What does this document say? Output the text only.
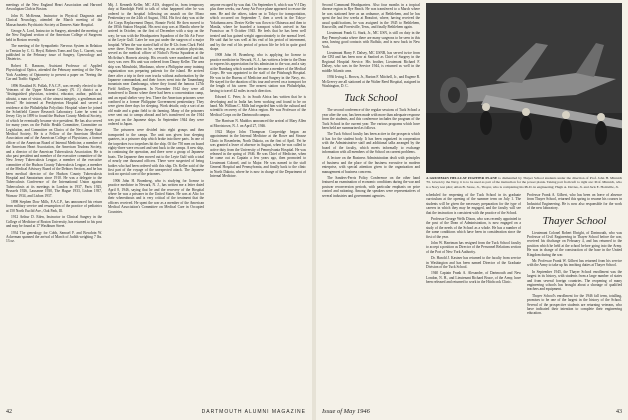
meetings of the New England Heart Association and Harvard Aesculapian Club in Boston.

John B. McKenna, Instructor in Physical Diagnosis and Clinical Neurology, attended the March meeting of the Massachusetts Psychiatric Society at Danvers State Hospital.

George A. Lord, Instructor in Surgery, attended the meeting of the New England section of the American College of Surgeons held in Boston recently.

The meeting of the Sympathetic Nervous System in Relation to Tension by C. G. Heyd, Roberts Toms and Guy L. Garrett, was published in the February issue of Surgery, Gynecology and Obstetrics.

Robert E. Ransom, Assistant Professor of Applied Physiological Optics, attended the February meeting of the New York Academy of Optometry to present a paper on "Seeing the Car and Traffic Signals".

1896 Rosalind B. Pollak, F.A.C.P., was recently elected to the Veterans of the Upper Monroe County (N. J.) district as a "distinguished physician, scientist, educator, author, publicist, altruist, a man of vision, of the utmost integrity, a gentleman and friend." He interned at Presbyterian Hospital and served a residence at the Philadelphia Polyclinic Hospital where he joined the Scheifield Cancer Research Laboratory. Later he went to Jersey City in 1899 to found the Hudson County Medical Society, of which he eventually became vice president. He has also served for many years on the Public Health Committee, Committee on Legislation, and Committee on Clinics of the New Jersey State Medical Society. He is a Fellow of the American Medical Association and of the American College of Physicians, a former officer of the American Board of Internal Medicine, a member of the American Heart Association, the American Trudeau Society, and a director of the American Tuberculosis Association. He is also past president and member of the executive committee of the New Jersey Tuberculosis League, a member of the executive committee of the Hudson County Tuberculosis League, a member of the Medical Advisory Board of the Debtors Section, and he has been medical director of the Hudson County Tuberculosis Hospital and Sanatorium since 1910. He was a delegate to the Tuberculosis Conference of the International Union against Tuberculosis at its meetings in London in 1937, Paris 1925, Brussels 1926, Lausanne 1930, The Hague 1933, Lisbon 1937, Warsaw 1934, and Lisbon 1937.

1898 Stephen Dow Mills, F.A.C.P., has announced his return from military service and resumption of the practice of pediatrics at 150 North Euclid Ave., Oak Park, Ill.

1912 Arthur D. Eden, Instructor in Clinical Surgery in the College of Medicine of Boston University, has returned to his post and may be found at 17 Washburn Street.

1934 The genealogy for Cobb, Samuel F. and Bowdoin W. Ackerman spanned the arrival of March of Judith weighing 7 lbs. 13 oz.

Mij. J. Kenneth Keller, MC AUS, dropped in, from temporary duty at Randolph Field to talk of what happened after he was ordered to the hospital following an assault on the Mono Penitentiary on the 24th of August, 1944. His first duty was at the Air Corps Replacement Depot, Bonnie Field. He then moved to the 185th Station Hospital. His next stop was at Manila where he arrived in October, on the first of December with a stop on the way; he was with the Headquarters Squadron of the 5th Air Force at the Leyte Gulf. Later he was put under the surgeon of a major hospital. When the war started half of the B-12s from Clark Field were there. From then on he, serving as an aviation physician, served as the medical officer of Nichol's Fiesta Squadron at the McArthur's Hornets airstrip. His records were numbered and his story was over. His unit was ordered from Dauny Keller. The area ship was Mitsubishi, Mindanao, where a Philippine army training organization was preparing patients for the island. He arrived there after a trip in their own trucks without authorization by the Japanese commandant, and their forces went into the Tanambang mountain near Zamboanga, where they found the famous 127th Field Artillery Regiment. In November 1942 they were all transferred to Davao where there had been a concentration camp, and an equal shelter very few. There the American prisoners were confined in a former Philippine Government penitentiary. They were given three days for sleeping. Work details; only a sort of an old mule and a grain field to do farming. Many of the prisoners were sent out to camps abroad and he's transferred on the 1944 was put on the Japanese ships. In September 1944 they were ordered to Japan.

The prisoners were divided into eight groups and then transported to the camps. The unit was given four sleeping quarters, in a prisoner ship which broke into three parts. In one of the torpedoes two torpedoes hit the ship. Of the 750 men on board eighty-three were rescued and sent back to the camps. A new ship, in continuing the operation, and there were a group of Japanese boats. The Japanese then moved out to the Leyte Gulf with a total of nearly one thousand officers. There were suspected of being bodies who had been ordered with this ship. Dr. Keller said of the first part of the voyage of the unexpected attack. The Japanese took no special care of the prisoners.

1906 John H. Bromberg, who is studying for license to practice medicine in Newark, N. J., has written me a letter dated April 8, 1946, saying that he and the recovery of the Hospital where he was a prisoner in the United States. He was at Alto for their whereabouts and is very critical of the treatment that the officers received. He spent the war as a member of the American Medical Association's Committee on Medical Care in Occupied Countries.

anyone escaped by was that. On September 6, which was V-J Day plus three weeks, our Army Air Force plane appeared to rescue the men. He and the others, taken on to Tokyo for transportation, which occurred on September 7, then a week in the Tokyo-Yokohama area. Dexter Keller was flown to Okinawa and then to Manila, where he boarded a transport which arrived in San Francisco on 9 October 1945. He feels that he has been well treated and has gained weight approximately to the normal level. He said that he was well at his end of his period of internment, and by the end of his period of prison life he felt in quite good shape.

1908 John H. Bromberg, who is applying for license to practice medicine in Newark, N. J., has written a letter to the Dean to express his appreciation for his admission to the war, and a stay at the Bumbarg which wanted to become a member of the Medical Corps. He was appointed to the staff of the Pittsburgh Hospital. He was in the Bureau of Medicine and Surgery in the Navy, etc. He stayed for the duration of his tour and served on a transport for the length of his career. The nearest station was Philadelphia, having to travel 42 miles in each direction.

Edward C. Peter, Jr. in South Africa has written that he is developing and in India has been working and found to be on hand. Mr. William C. Mills had regarded him with the cultural and scientific recovery of the Africa region. He was Professor of the Medical Corps on the Dartmouth campus.

The Harrison N. Maddox announced the arrival of Mary Allen at Morristown, N. J. on April 27, 1946.

1922 Major John Thompson Cooperidge began an appointment in the Internal Medicine at the Rowe and Strasse Clinic in Rosenheim, North Dakota, on the first of April. Yet he was granted a leave of absence in August, when he was called to active duty from the University of Pennsylvania Hospital. He was released in the spring of 1946. He was Chief of Medicine, when he came out as Captain a few years ago, then promoted to Lieutenant Colonel, and to Major. He was named to the staff General Hospital and Pennsylvania, and finally back to the clinic in North Dakota, where he is now in charge of the Department of Internal Medicine.

42	DARTMOUTH ALUMNI MAGAZINE

Second Command Headquarters. Also four months in a tropical disease region in Rye Beach. He was transferred to a March where he was stationed here as an ordnance, at Bethlehem, and he has spent the last few weeks at Beaufort, where, having received the usual qualifications, he was assigned in the 1945 to Bethlehem, Knoxville, and Forestville, Tenn., and finally Bethlehem again.

Lieutenant Frank G. Stark, Jr., MC USN, is still on duty in the Bay Pennsylvania where there are many surgeons to be seen in this area, having good contacts with Buffalo, and is now back in New York.

Lieutenant Harry F. Dalsey, MC USNR, has served twice from the CBI and has been now at Sanford as Chief of Surgery in the Regional Hospital Service. His brother, Lieutenant Richard F. Dalsey, who was in the Service 1944, is returned as well in the middle Atlantic area.

1936 Irving L. Brown, Jr., Burton F. Mitchell, Jr., and Eugene R. McGreevy are all stationed at the Walter Reed Hospital, assigned in Washington, D. C.

Tuck School

The second conference of the regular sessions of Tuck School a year after the war, has been made with more than adequate response from the students, and this conference includes the program of the Tuck School in the current year. The various programs which have been held are summarized as follows.

The Tuck School faculty has been active in the prospects which it has for the student body. It has been organized in cooperation with the Administrative staff and additional talks arranged by the board of the faculty, which meets informally to exchange information with all members of the School on current problems.

A lecture on the Business Administration dealt with principles of business and the place of the business executive in modern enterprise, with special attention given to the organization and management of business concerns.

The Sanders-Ferris Policy Conference on the other hand featured an examination of economic conditions during the war and postwar reconversion periods, with particular emphasis on price control and rationing. Among the speakers were representatives of several industries and government agencies.

A GRUMMAN HELLCAT FIGHTER PLANE is dismantled by Thayer School students under the direction of Prof. John H. Minnich '35. Given by the Navy, it is to be used as part of the instruction for the power plants. Taking part from left to right are: Prof. Minnich, who is a Navy test pilot; Allan B. Stone, Jr., Thayer, who is completing his Ph.D. in engineering; Hugh A. Davies, Jr. and Jack E. Hoinville, Jr.

scheduled for reopening of the Tuck School in its graduate curriculum at the opening of the summer term on July 1. The students will be given the necessary preparation for the type of careers in which they may be engaged, and the faculty will see that the instruction is consistent with the practice of the School.

Professor George Wells Dixon, who was recently appointed to the post of the Dean of Administration, is now engaged on a study of the needs of the School as a whole. He has a number of the same conditions which have been in consideration since the first of the year.

John W. Harriman has resigned from the Tuck School faculty to accept a position as Director of the Personnel Relations section of the Port of New York Authority.

Dr. Harold J. Kastner has returned to the faculty from service in Washington and has been named Director of the Graduate Division of the Tuck School.

1940 Captain Frank A. Alexander, of Dartmouth and New London, N. H., and Lieutenant Richard Bruce, of the Army, have been released and returned to work in the Hitchcock Clinic.

Professor Frank A. Gilbert, who has been on leave of absence from Thayer School, returned this spring to resume his courses in Industrial Engineering. He is now also responsible for the work of the new laboratory.

Thayer School

Lieutenant Colonel Robert Ebright, of Dartmouth, who was Professor of Civil Engineering in Thayer School before the war, received his discharge on February 4, and has returned to the position which he held at the school before going into the Army. He was in charge of the construction of the base in the United Kingdom during the war.

Mr. Professor Frank W. Gilbert has returned from his service with the Army to take up his teaching duties at Thayer School.

In September 1945, the Thayer School enrollment was the largest in its history, with students from a large number of states and from several foreign countries. The reopening of many engineering schools has brought about a shortage of qualified teachers and equipment.

Thayer School's enrollment for the 1946 fall term, totalling, promises to be one of the largest in the history of the School. Several of the prospective students are returning veterans, who have indicated their intention to complete their engineering education.

Issue of May 1946	43
